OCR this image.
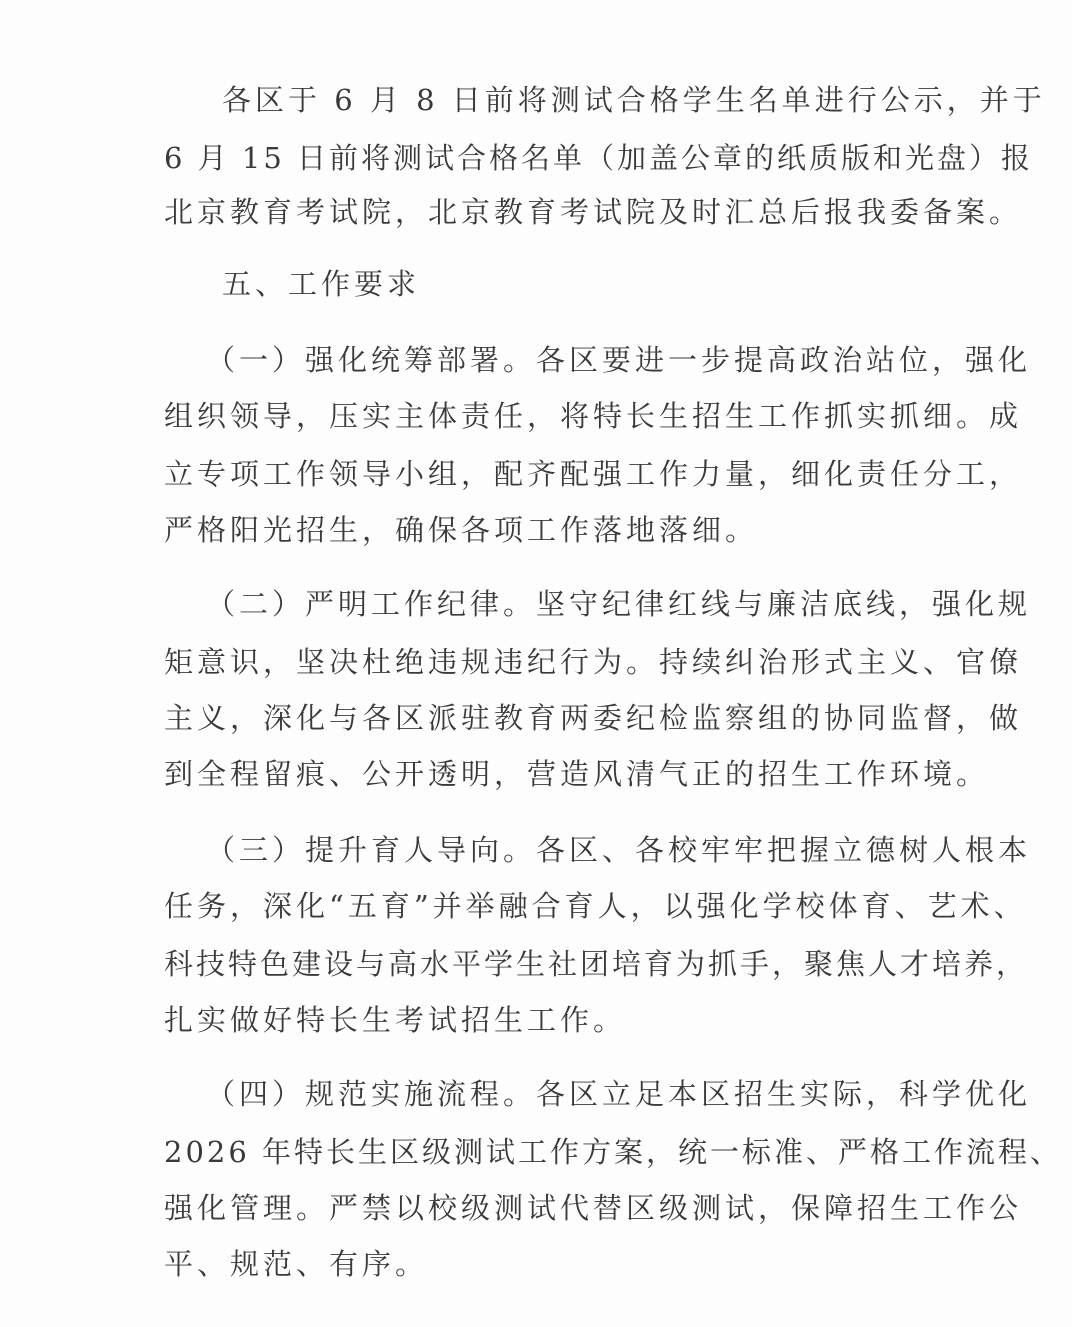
各区于 6 月 8 日前将测试合格学生名单进行公示，并于
6 月 15 日前将测试合格名单（加盖公章的纸质版和光盘）报
北京教育考试院，北京教育考试院及时汇总后报我委备案。
五、工作要求
（一）强化统筹部署。各区要进一步提高政治站位，强化
组织领导，压实主体责任，将特长生招生工作抓实抓细。成
立专项工作领导小组，配齐配强工作力量，细化责任分工，
严格阳光招生，确保各项工作落地落细。
（二）严明工作纪律。坚守纪律红线与廉洁底线，强化规
矩意识，坚决杜绝违规违纪行为。持续纠治形式主义、官僚
主义，深化与各区派驻教育两委纪检监察组的协同监督，做
到全程留痕、公开透明，营造风清气正的招生工作环境。
（三）提升育人导向。各区、各校牢牢把握立德树人根本
任务，深化“五育”并举融合育人，以强化学校体育、艺术、
科技特色建设与高水平学生社团培育为抓手，聚焦人才培养，
扎实做好特长生考试招生工作。
（四）规范实施流程。各区立足本区招生实际，科学优化
2026 年特长生区级测试工作方案，统一标准、严格工作流程、
强化管理。严禁以校级测试代替区级测试，保障招生工作公
平、规范、有序。
